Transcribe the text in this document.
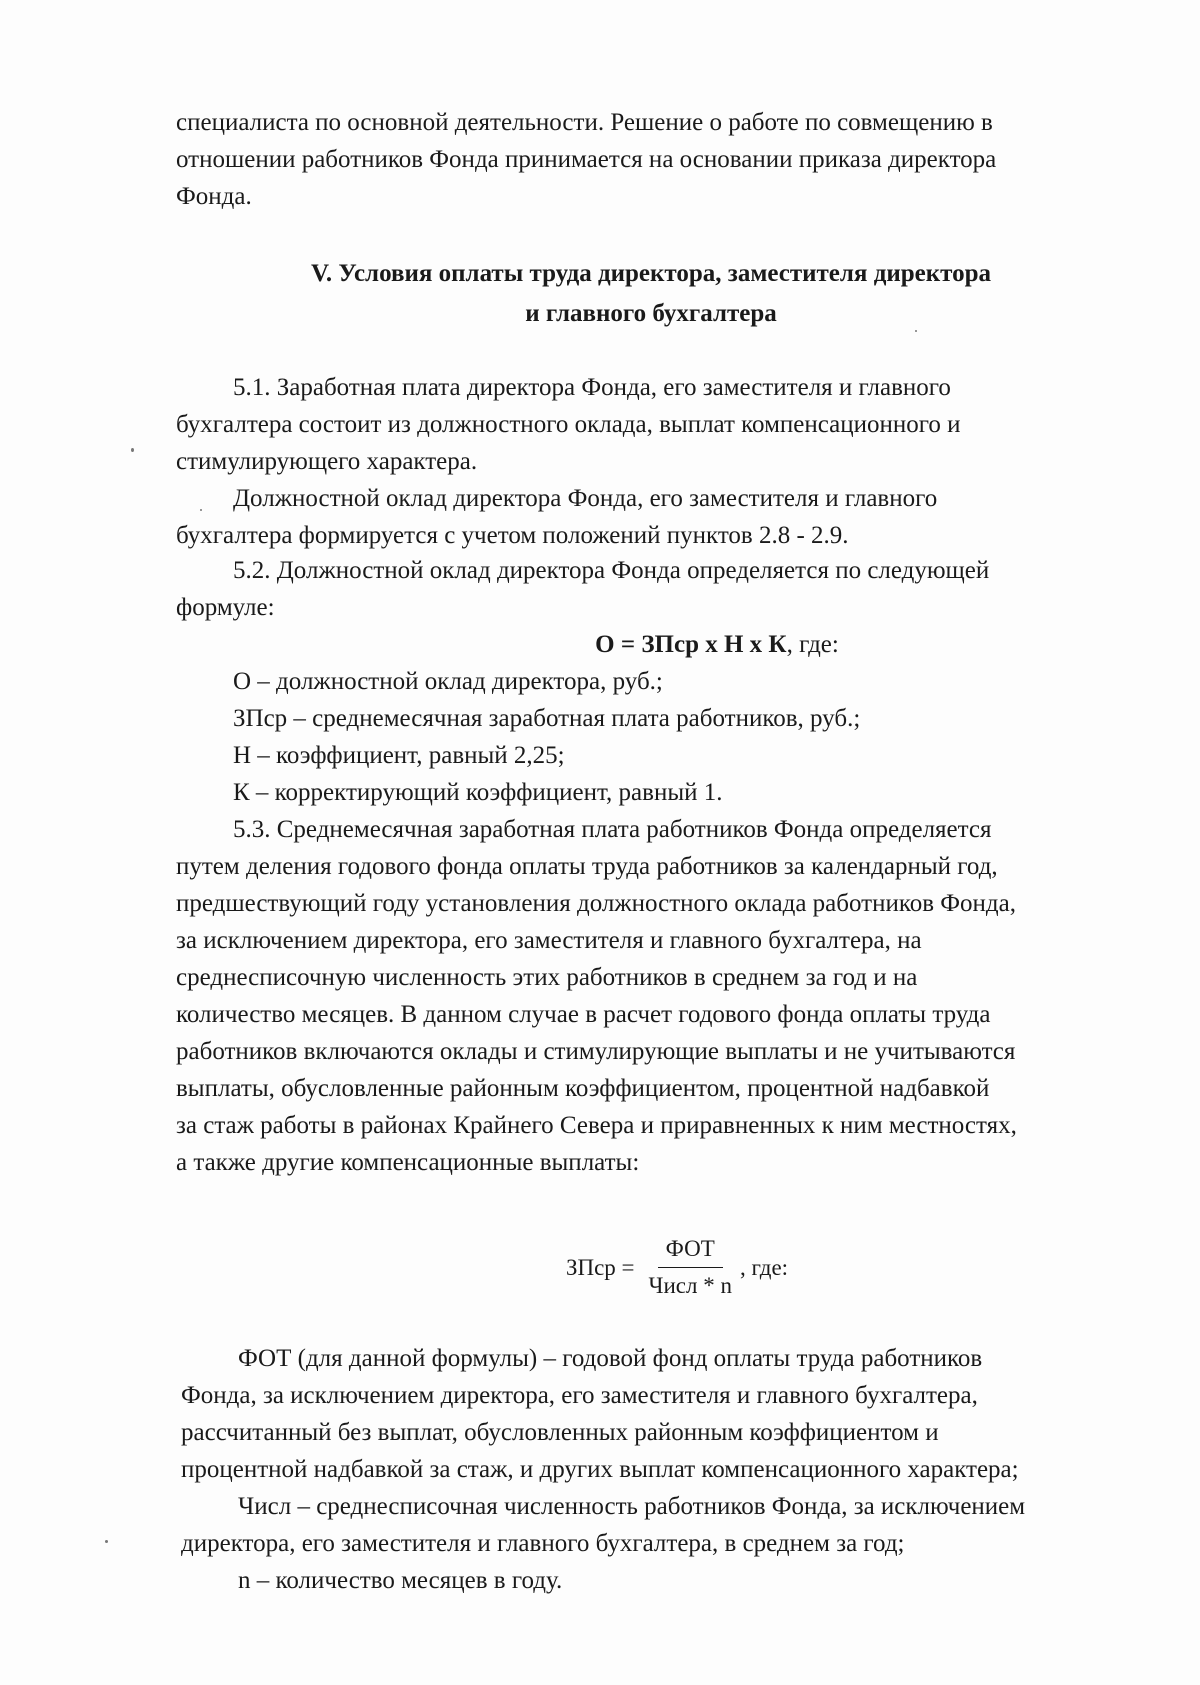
специалиста по основной деятельности. Решение о работе по совмещению в

отношении работников Фонда принимается на основании приказа директора

Фонда.

V. Условия оплаты труда директора, заместителя директора

и главного бухгалтера

5.1. Заработная плата директора Фонда, его заместителя и главного

бухгалтера состоит из должностного оклада, выплат компенсационного и

стимулирующего характера.

Должностной оклад директора Фонда, его заместителя и главного

бухгалтера формируется с учетом положений пунктов 2.8 - 2.9.

5.2. Должностной оклад директора Фонда определяется по следующей

формуле:

О = ЗПср х Н х К, где:

О – должностной оклад директора, руб.;

ЗПср – среднемесячная заработная плата работников, руб.;

Н – коэффициент, равный 2,25;

К – корректирующий коэффициент, равный 1.

5.3. Среднемесячная заработная плата работников Фонда определяется

путем деления годового фонда оплаты труда работников за календарный год,

предшествующий году установления должностного оклада работников Фонда,

за исключением директора, его заместителя и главного бухгалтера, на

среднесписочную численность этих работников в среднем за год и на

количество месяцев. В данном случае в расчет годового фонда оплаты труда

работников включаются оклады и стимулирующие выплаты и не учитываются

выплаты, обусловленные районным коэффициентом, процентной надбавкой

за стаж работы в районах Крайнего Севера и приравненных к ним местностях,

а также другие компенсационные выплаты:

ЗПср = $\frac{\text{ФОТ}}{\text{Числ * n}}$ , где:

ФОТ (для данной формулы) – годовой фонд оплаты труда работников

Фонда, за исключением директора, его заместителя и главного бухгалтера,

рассчитанный без выплат, обусловленных районным коэффициентом и

процентной надбавкой за стаж, и других выплат компенсационного характера;

Числ – среднесписочная численность работников Фонда, за исключением

директора, его заместителя и главного бухгалтера, в среднем за год;

n – количество месяцев в году.
